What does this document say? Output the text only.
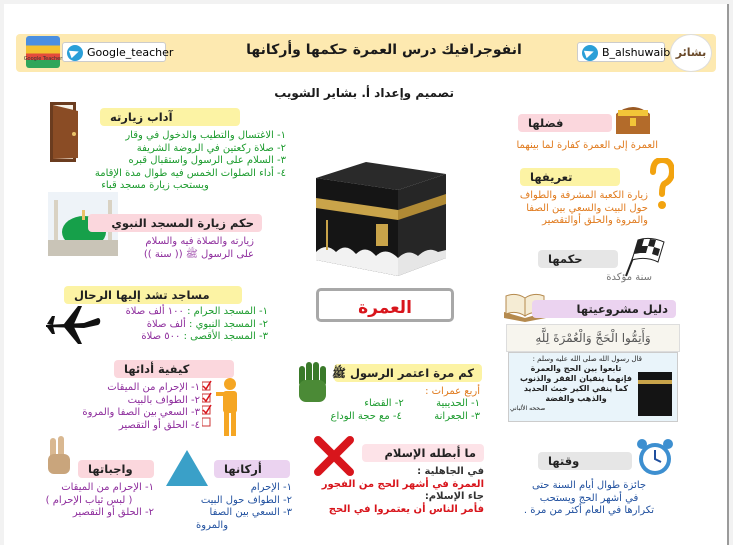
بشائر
B_alshuwaib
انفوجرافيك درس العمرة حكمها وأركانها
Google_teacher
Google Teacher
تصميم وإعداد أ. بشاير الشويب
آداب زيارته
١- الاغتسال والتطيب والدخول في وقار
٢- صلاة ركعتين في الروضة الشريفة
٣- السلام على الرسول واستقبال قبره
٤- أداء الصلوات الخمس فيه طوال مدة الإقامة
ويستحب زيارة مسجد قباء
حكم زيارة المسجد النبوي
زيارته والصلاة فيه والسلام
على الرسول ﷺ (( سنة ))
مساجد تشد إليها الرحال
١- المسجد الحرام : ١٠٠ ألف صلاة
٢- المسجد النبوي : ألف صلاة
٣- المسجد الأقصى : ٥٠٠ صلاة
كيفية أدائها
١- الإحرام من الميقات
٢- الطواف بالبيت
٣- السعي بين الصفا والمروة
٤- الحلق أو التقصير
واجباتها
١- الإحرام من الميقات
( لبس ثياب الإحرام )
٢- الحلق أو التقصير
أركانها
١- الإحرام
٢- الطواف حول البيت
٣- السعي بين الصفا
والمروة
العمرة
كم مرة اعتمر الرسول ﷺ
أربع عمرات :
١- الحديبية  ٢- القضاء
٣- الجعرانة  ٤- مع حجة الوداع
ما أبطله الإسلام
في الجاهلية :
العمرة في أشهر الحج من الفجور
جاء الإسلام:
فأمر الناس أن يعتمروا في الحج
فضلها
العمرة إلى العمرة كفارة لما بينهما
تعريفها
زيارة الكعبة المشرفة والطواف
حول البيت والسعي بين الصفا
والمروة والحلق أوالتقصير
حكمها
سنة مؤكدة
دليل مشروعيتها
وَأَتِمُّوا الْحَجَّ وَالْعُمْرَةَ لِلَّهِ
قال رسول الله صلى الله عليه وسلم :
تابعوا بين الحج والعمرة
فإنهما ينفيان الفقر والذنوب
كما ينفي الكير خبث الحديد
والذهب والفضة
صححه الألباني
وقتها
جائزة طوال أيام السنة حتى
في أشهر الحج ويستحب
تكرارها في العام أكثر من مرة .
